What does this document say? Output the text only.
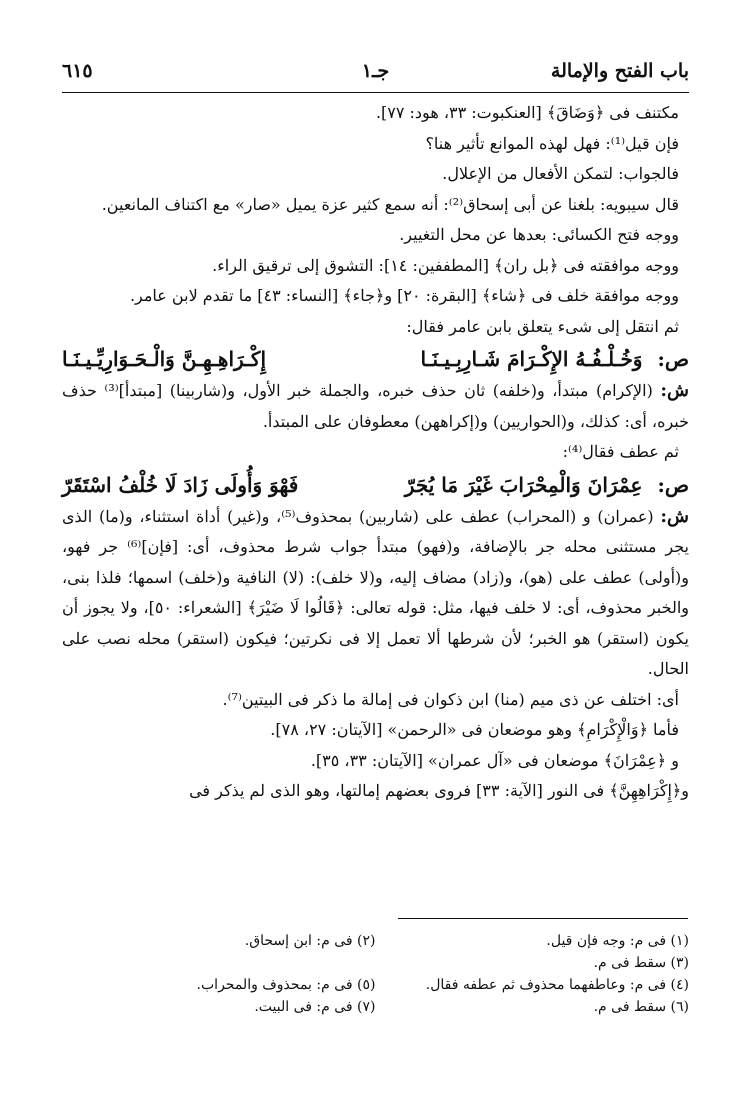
باب الفتح والإمالة
جـ١
٦١٥

مكتنف فى ﴿وَضَاقَ﴾ [العنكبوت: ٣٣، هود: ٧٧].

فإن قيل⁽¹⁾: فهل لهذه الموانع تأثير هنا؟

فالجواب: لتمكن الأفعال من الإعلال.

قال سيبويه: بلغنا عن أبى إسحاق⁽²⁾: أنه سمع كثير عزة يميل «صار» مع اكتناف المانعين.

ووجه فتح الكسائى: بعدها عن محل التغيير.

ووجه موافقته فى ﴿بل ران﴾ [المطففين: ١٤]: التشوق إلى ترقيق الراء.

ووجه موافقة خلف فى ﴿شاء﴾ [البقرة: ٢٠] و﴿جاء﴾ [النساء: ٤٣] ما تقدم لابن عامر.

ثم انتقل إلى شىء يتعلق بابن عامر فقال:

ص: وَخُـلْـفُـهُ الإِكْـرَامَ شَـارِبِـيـنَـا
إِكْـرَاهِـهِـنَّ وَالْـحَـوَارِيِّـيـنَـا

ش: (الإكرام) مبتدأ، و(خلفه) ثان حذف خبره، والجملة خبر الأول، و(شاربينا) [مبتدأ]⁽³⁾ حذف خبره، أى: كذلك، و(الحواريين) و(إكراههن) معطوفان على المبتدأ.

ثم عطف فقال⁽⁴⁾:

ص: عِمْرَانَ وَالْمِحْرَابَ غَيْرَ مَا يُجَرّ
فَهْوَ وَأُولَى زَادَ لَا خُلْفُ اسْتَقَرّ

ش: (عمران) و (المحراب) عطف على (شاربين) بمحذوف⁽⁵⁾، و(غير) أداة استثناء، و(ما) الذى يجر مستثنى محله جر بالإضافة، و(فهو) مبتدأ جواب شرط محذوف، أى: [فإن]⁽⁶⁾ جر فهو، و(أولى) عطف على (هو)، و(زاد) مضاف إليه، و(لا خلف): (لا) النافية و(خلف) اسمها؛ فلذا بنى، والخبر محذوف، أى: لا خلف فيها، مثل: قوله تعالى: ﴿قَالُوا لَا ضَيْرَ﴾ [الشعراء: ٥٠]، ولا يجوز أن يكون (استقر) هو الخبر؛ لأن شرطها ألا تعمل إلا فى نكرتين؛ فيكون (استقر) محله نصب على الحال.

أى: اختلف عن ذى ميم (منا) ابن ذكوان فى إمالة ما ذكر فى البيتين⁽⁷⁾.

فأما ﴿وَالْإِكْرَامِ﴾ وهو موضعان فى «الرحمن» [الآيتان: ٢٧، ٧٨].

و ﴿عِمْرَانَ﴾ موضعان فى «آل عمران» [الآيتان: ٣٣، ٣٥].

و﴿إِكْرَاهِهِنَّ﴾ فى النور [الآية: ٣٣] فروى بعضهم إمالتها، وهو الذى لم يذكر فى

(١) فى م: وجه فإن قيل.
(٢) فى م: ابن إسحاق.
(٣) سقط فى م.
(٤) فى م: وعاطفهما محذوف ثم عطفه فقال.
(٥) فى م: بمحذوف والمحراب.
(٦) سقط فى م.
(٧) فى م: فى البيت.
